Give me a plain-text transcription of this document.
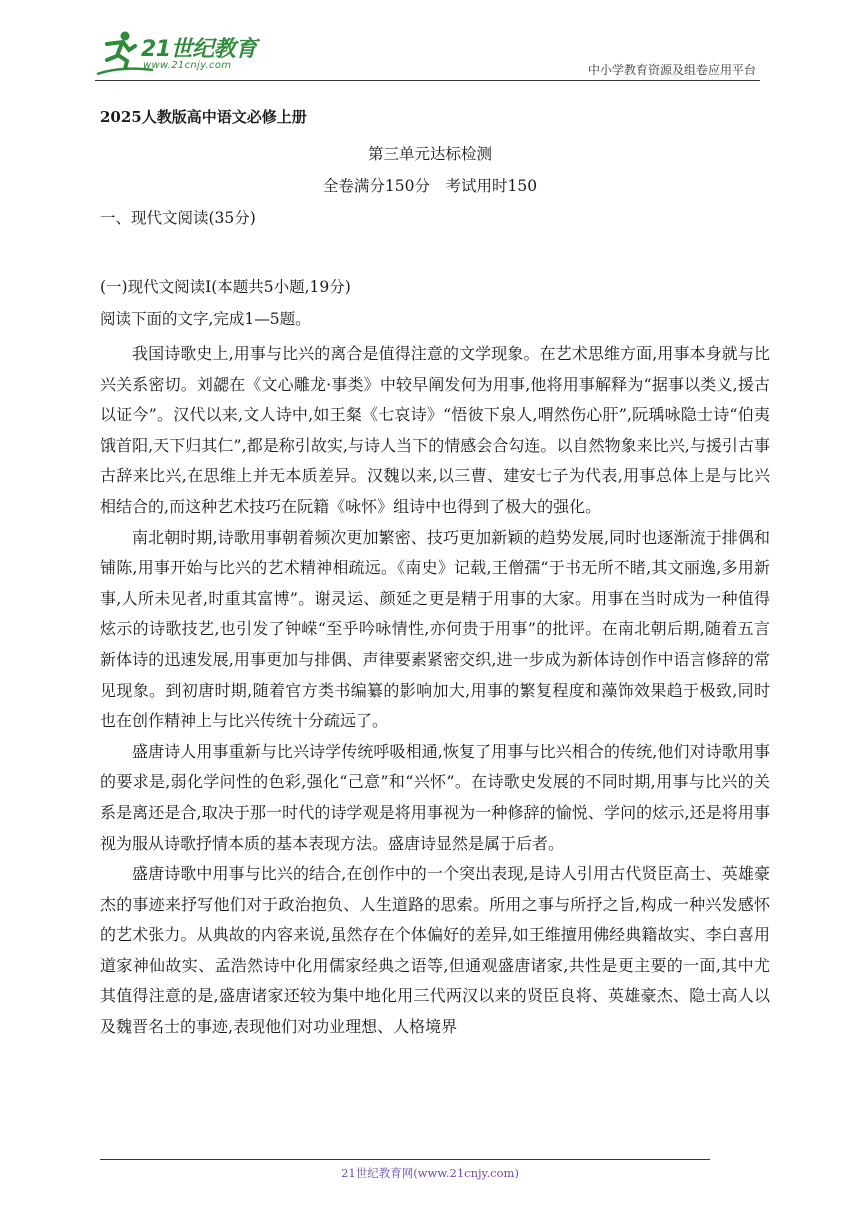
21世纪教育
www.21cnjy.com	中小学教育资源及组卷应用平台
2025人教版高中语文必修上册
第三单元达标检测
全卷满分150分　考试用时150
一、现代文阅读(35分)
(一)现代文阅读I(本题共5小题,19分)
阅读下面的文字,完成1—5题。

我国诗歌史上,用事与比兴的离合是值得注意的文学现象。在艺术思维方面,用事本身就与比兴关系密切。刘勰在《文心雕龙·事类》中较早阐发何为用事,他将用事解释为“据事以类义,援古以证今”。汉代以来,文人诗中,如王粲《七哀诗》“悟彼下泉人,喟然伤心肝”,阮瑀咏隐士诗“伯夷饿首阳,天下归其仁”,都是称引故实,与诗人当下的情感会合勾连。以自然物象来比兴,与援引古事古辞来比兴,在思维上并无本质差异。汉魏以来,以三曹、建安七子为代表,用事总体上是与比兴相结合的,而这种艺术技巧在阮籍《咏怀》组诗中也得到了极大的强化。

南北朝时期,诗歌用事朝着频次更加繁密、技巧更加新颖的趋势发展,同时也逐渐流于排偶和铺陈,用事开始与比兴的艺术精神相疏远。《南史》记载,王僧孺“于书无所不睹,其文丽逸,多用新事,人所未见者,时重其富博”。谢灵运、颜延之更是精于用事的大家。用事在当时成为一种值得炫示的诗歌技艺,也引发了钟嵘“至乎吟咏情性,亦何贵于用事”的批评。在南北朝后期,随着五言新体诗的迅速发展,用事更加与排偶、声律要素紧密交织,进一步成为新体诗创作中语言修辞的常见现象。到初唐时期,随着官方类书编纂的影响加大,用事的繁复程度和藻饰效果趋于极致,同时也在创作精神上与比兴传统十分疏远了。

盛唐诗人用事重新与比兴诗学传统呼吸相通,恢复了用事与比兴相合的传统,他们对诗歌用事的要求是,弱化学问性的色彩,强化“己意”和“兴怀”。在诗歌史发展的不同时期,用事与比兴的关系是离还是合,取决于那一时代的诗学观是将用事视为一种修辞的愉悦、学问的炫示,还是将用事视为服从诗歌抒情本质的基本表现方法。盛唐诗显然是属于后者。

盛唐诗歌中用事与比兴的结合,在创作中的一个突出表现,是诗人引用古代贤臣高士、英雄豪杰的事迹来抒写他们对于政治抱负、人生道路的思索。所用之事与所抒之旨,构成一种兴发感怀的艺术张力。从典故的内容来说,虽然存在个体偏好的差异,如王维擅用佛经典籍故实、李白喜用道家神仙故实、孟浩然诗中化用儒家经典之语等,但通观盛唐诸家,共性是更主要的一面,其中尤其值得注意的是,盛唐诸家还较为集中地化用三代两汉以来的贤臣良将、英雄豪杰、隐士高人以及魏晋名士的事迹,表现他们对功业理想、人格境界

21世纪教育网(www.21cnjy.com)
